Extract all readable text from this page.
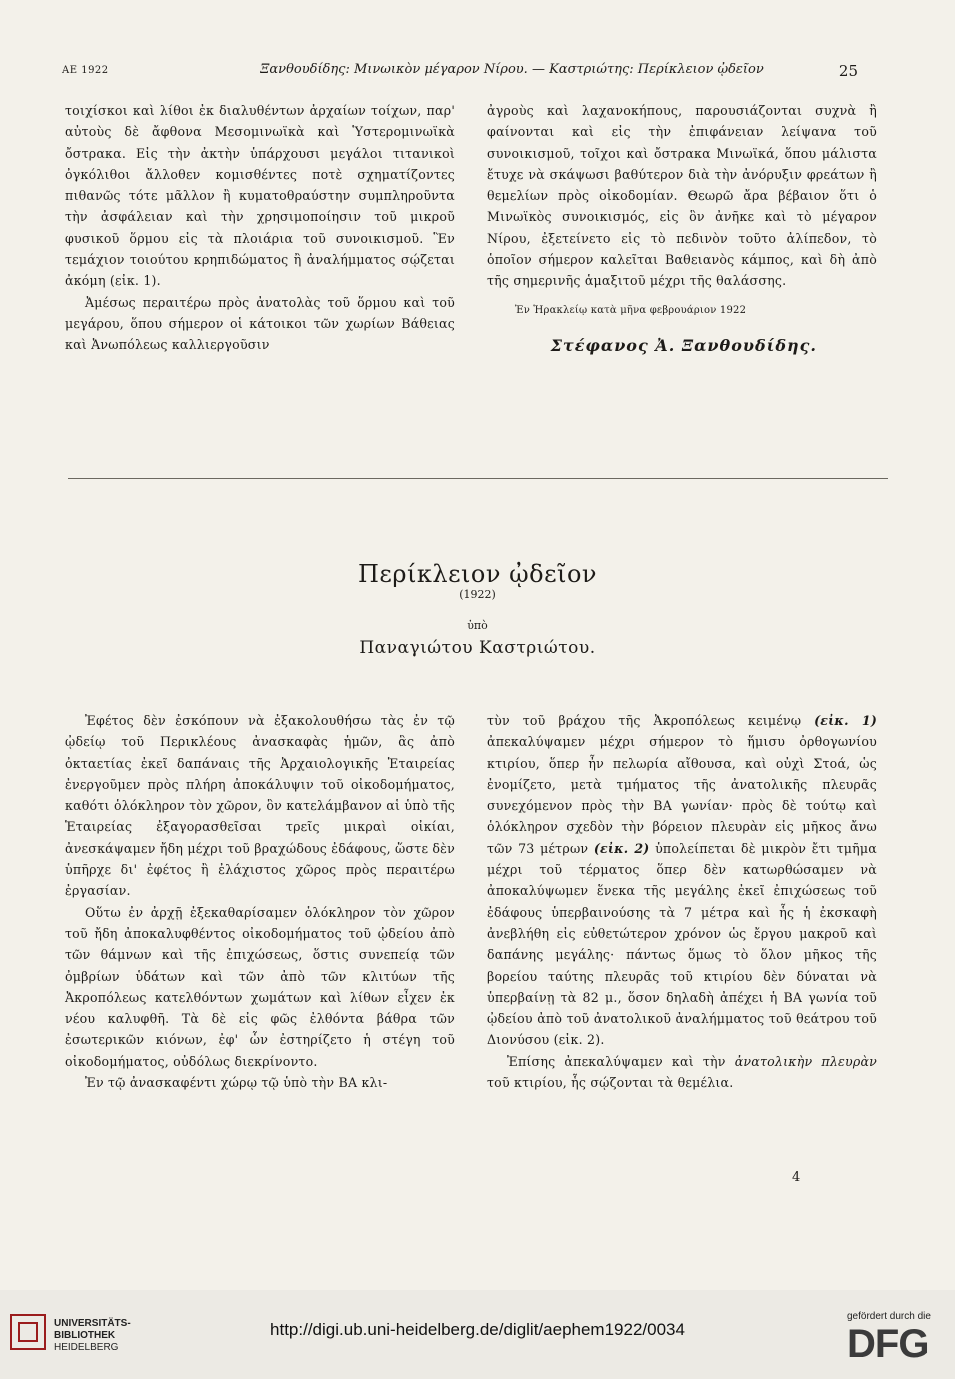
ΑΕ 1922	Ξανθουδίδης: Μινωικὸν μέγαρον Νίρου. — Καστριώτης: Περίκλειον ᾠδεῖον	25

τοιχίσκοι καὶ λίθοι ἐκ διαλυθέντων ἀρχαίων τοίχων, παρ' αὐτοὺς δὲ ἄφθονα Μεσομινωϊκὰ καὶ Ὑστερομινωϊκὰ ὄστρακα. Εἰς τὴν ἀκτὴν ὑπάρχουσι μεγάλοι τιτανικοὶ ὀγκόλιθοι ἄλλοθεν κομισθέντες ποτὲ σχηματίζοντες πιθανῶς τότε μᾶλλον ἢ κυματοθραύστην συμπληροῦντα τὴν ἀσφάλειαν καὶ τὴν χρησιμοποίησιν τοῦ μικροῦ φυσικοῦ ὅρμου εἰς τὰ πλοιάρια τοῦ συνοικισμοῦ. Ἓν τεμάχιον τοιούτου κρηπιδώματος ἢ ἀναλήμματος σῴζεται ἀκόμη (εἰκ. 1).

Ἀμέσως περαιτέρω πρὸς ἀνατολὰς τοῦ ὅρμου καὶ τοῦ μεγάρου, ὅπου σήμερον οἱ κάτοικοι τῶν χωρίων Βάθειας καὶ Ἀνωπόλεως καλλιεργοῦσιν

ἀγροὺς καὶ λαχανοκήπους, παρουσιάζονται συχνὰ ἢ φαίνονται καὶ εἰς τὴν ἐπιφάνειαν λείψανα τοῦ συνοικισμοῦ, τοῖχοι καὶ ὄστρακα Μινωϊκά, ὅπου μάλιστα ἔτυχε νὰ σκάψωσι βαθύτερον διὰ τὴν ἀνόρυξιν φρεάτων ἢ θεμελίων πρὸς οἰκοδομίαν. Θεωρῶ ἄρα βέβαιον ὅτι ὁ Μινωϊκὸς συνοικισμός, εἰς ὃν ἀνῆκε καὶ τὸ μέγαρον Νίρου, ἐξετείνετο εἰς τὸ πεδινὸν τοῦτο ἀλίπεδον, τὸ ὁποῖον σήμερον καλεῖται Βαθειανὸς κάμπος, καὶ δὴ ἀπὸ τῆς σημερινῆς ἁμαξιτοῦ μέχρι τῆς θαλάσσης.

Ἐν Ἡρακλείῳ κατὰ μῆνα φεβρουάριον 1922
Στέφανος Ἀ. Ξανθουδίδης.
Περίκλειον ᾠδεῖον
(1922)
ὑπὸ
Παναγιώτου Καστριώτου.

Ἐφέτος δὲν ἐσκόπουν νὰ ἐξακολουθήσω τὰς ἐν τῷ ᾠδείῳ τοῦ Περικλέους ἀνασκαφὰς ἡμῶν, ἃς ἀπὸ ὀκταετίας ἐκεῖ δαπάναις τῆς Ἀρχαιολογικῆς Ἑταιρείας ἐνεργοῦμεν πρὸς πλήρη ἀποκάλυψιν τοῦ οἰκοδομήματος, καθότι ὁλόκληρον τὸν χῶρον, ὃν κατελάμβανον αἱ ὑπὸ τῆς Ἑταιρείας ἐξαγορασθεῖσαι τρεῖς μικραὶ οἰκίαι, ἀνεσκάψαμεν ἤδη μέχρι τοῦ βραχώδους ἐδάφους, ὥστε δὲν ὑπῆρχε δι' ἐφέτος ἢ ἐλάχιστος χῶρος πρὸς περαιτέρω ἐργασίαν.

Οὕτω ἐν ἀρχῇ ἐξεκαθαρίσαμεν ὁλόκληρον τὸν χῶρον τοῦ ἤδη ἀποκαλυφθέντος οἰκοδομήματος τοῦ ᾠδείου ἀπὸ τῶν θάμνων καὶ τῆς ἐπιχώσεως, ὅστις συνεπείᾳ τῶν ὀμβρίων ὑδάτων καὶ τῶν ἀπὸ τῶν κλιτύων τῆς Ἀκροπόλεως κατελθόντων χωμάτων καὶ λίθων εἶχεν ἐκ νέου καλυφθῆ. Τὰ δὲ εἰς φῶς ἐλθόντα βάθρα τῶν ἐσωτερικῶν κιόνων, ἐφ' ὧν ἐστηρίζετο ἡ στέγη τοῦ οἰκοδομήματος, οὐδόλως διεκρίνοντο.

Ἐν τῷ ἀνασκαφέντι χώρῳ τῷ ὑπὸ τὴν ΒΑ κλι-

τὺν τοῦ βράχου τῆς Ἀκροπόλεως κειμένῳ (εἰκ. 1) ἀπεκαλύψαμεν μέχρι σήμερον τὸ ἥμισυ ὀρθογωνίου κτιρίου, ὅπερ ἦν πελωρία αἴθουσα, καὶ οὐχὶ Στοά, ὡς ἐνομίζετο, μετὰ τμήματος τῆς ἀνατολικῆς πλευρᾶς συνεχόμενον πρὸς τὴν ΒΑ γωνίαν· πρὸς δὲ τούτῳ καὶ ὁλόκληρον σχεδὸν τὴν βόρειον πλευρὰν εἰς μῆκος ἄνω τῶν 73 μέτρων (εἰκ. 2) ὑπολείπεται δὲ μικρὸν ἔτι τμῆμα μέχρι τοῦ τέρματος ὅπερ δὲν κατωρθώσαμεν νὰ ἀποκαλύψωμεν ἕνεκα τῆς μεγάλης ἐκεῖ ἐπιχώσεως τοῦ ἐδάφους ὑπερβαινούσης τὰ 7 μέτρα καὶ ἧς ἡ ἐκσκαφὴ ἀνεβλήθη εἰς εὐθετώτερον χρόνον ὡς ἔργου μακροῦ καὶ δαπάνης μεγάλης· πάντως ὅμως τὸ ὅλον μῆκος τῆς βορείου ταύτης πλευρᾶς τοῦ κτιρίου δὲν δύναται νὰ ὑπερβαίνῃ τὰ 82 μ., ὅσον δηλαδὴ ἀπέχει ἡ ΒΑ γωνία τοῦ ᾠδείου ἀπὸ τοῦ ἀνατολικοῦ ἀναλήμματος τοῦ θεάτρου τοῦ Διονύσου (εἰκ. 2).

Ἐπίσης ἀπεκαλύψαμεν καὶ τὴν ἀνατολικὴν πλευρὰν τοῦ κτιρίου, ἧς σῴζονται τὰ θεμέλια.

4
UNIVERSITÄTS-
BIBLIOTHEK
HEIDELBERG
http://digi.ub.uni-heidelberg.de/diglit/aephem1922/0034
gefördert durch die
DFG
